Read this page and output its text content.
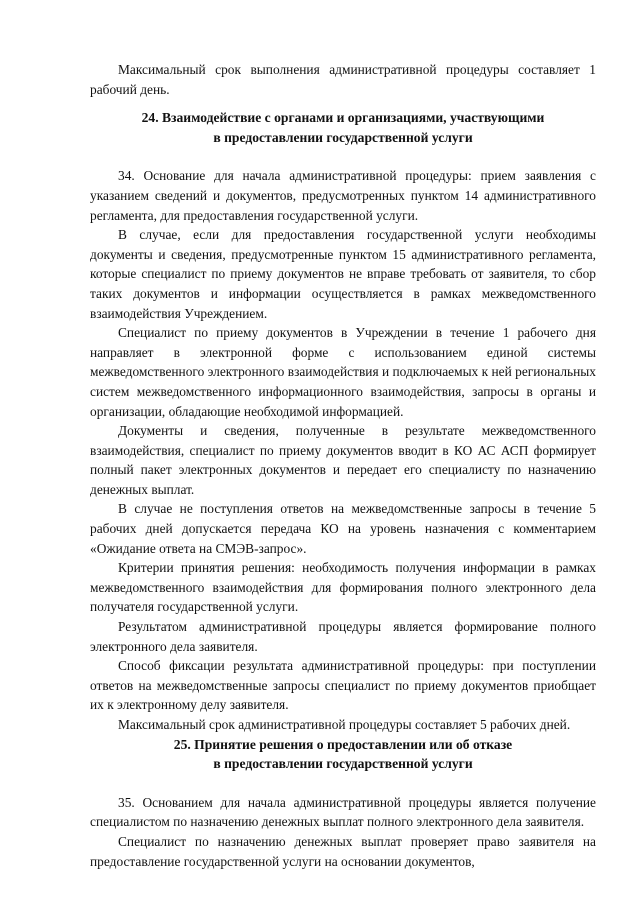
Максимальный срок выполнения административной процедуры составляет 1 рабочий день.

24. Взаимодействие с органами и организациями, участвующими
в предоставлении государственной услуги

34. Основание для начала административной процедуры: прием заявления с указанием сведений и документов, предусмотренных пунктом 14 административного регламента, для предоставления государственной услуги.

В случае, если для предоставления государственной услуги необходимы документы и сведения, предусмотренные пунктом 15 административного регламента, которые специалист по приему документов не вправе требовать от заявителя, то сбор таких документов и информации осуществляется в рамках межведомственного взаимодействия Учреждением.

Специалист по приему документов в Учреждении в течение 1 рабочего дня направляет в электронной форме с использованием единой системы межведомственного электронного взаимодействия и подключаемых к ней региональных систем межведомственного информационного взаимодействия, запросы в органы и организации, обладающие необходимой информацией.

Документы и сведения, полученные в результате межведомственного взаимодействия, специалист по приему документов вводит в КО АС АСП формирует полный пакет электронных документов и передает его специалисту по назначению денежных выплат.

В случае не поступления ответов на межведомственные запросы в течение 5 рабочих дней допускается передача КО на уровень назначения с комментарием «Ожидание ответа на СМЭВ-запрос».

Критерии принятия решения: необходимость получения информации в рамках межведомственного взаимодействия для формирования полного электронного дела получателя государственной услуги.

Результатом административной процедуры является формирование полного электронного дела заявителя.

Способ фиксации результата административной процедуры: при поступлении ответов на межведомственные запросы специалист по приему документов приобщает их к электронному делу заявителя.

Максимальный срок административной процедуры составляет 5 рабочих дней.

25. Принятие решения о предоставлении или об отказе
в предоставлении государственной услуги

35. Основанием для начала административной процедуры является получение специалистом по назначению денежных выплат полного электронного дела заявителя.

Специалист по назначению денежных выплат проверяет право заявителя на предоставление государственной услуги на основании документов,
